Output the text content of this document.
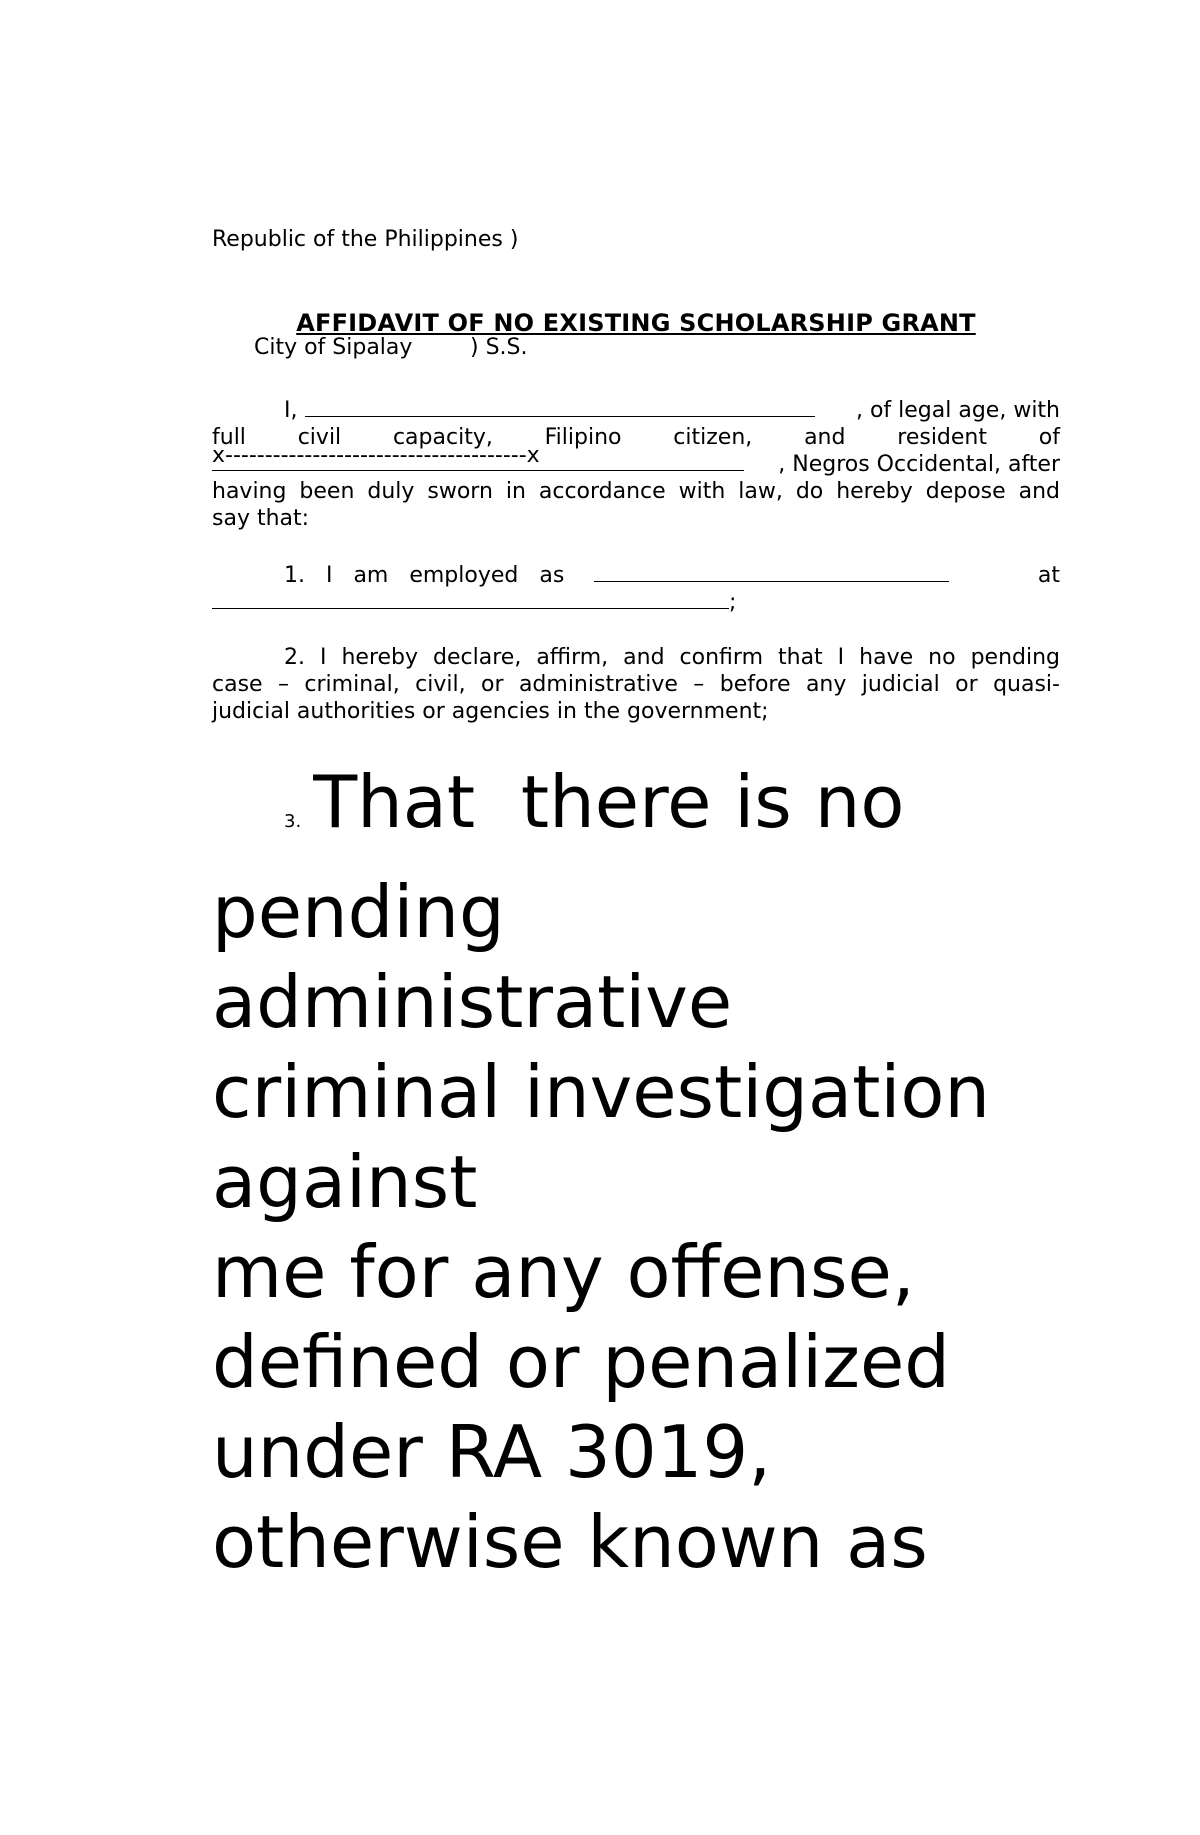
Republic of the Philippines )

City of Sipalay	) S.S.

x--------------------------------------x

AFFIDAVIT OF NO EXISTING SCHOLARSHIP GRANT
I,	, of legal age, with
full civil capacity, Filipino citizen, and resident of
, Negros Occidental, after
having been duly sworn in accordance with law, do hereby depose and
say that:
1.   I   am   employed   as	at
;
2. I hereby declare, affirm, and confirm that I have no pending
case – criminal, civil, or administrative – before any judicial or quasi-
judicial authorities or agencies in the government;
3. That  there is no
pending
administrative
criminal investigation
against
me for any offense,
defined or penalized
under RA 3019,
otherwise known as
